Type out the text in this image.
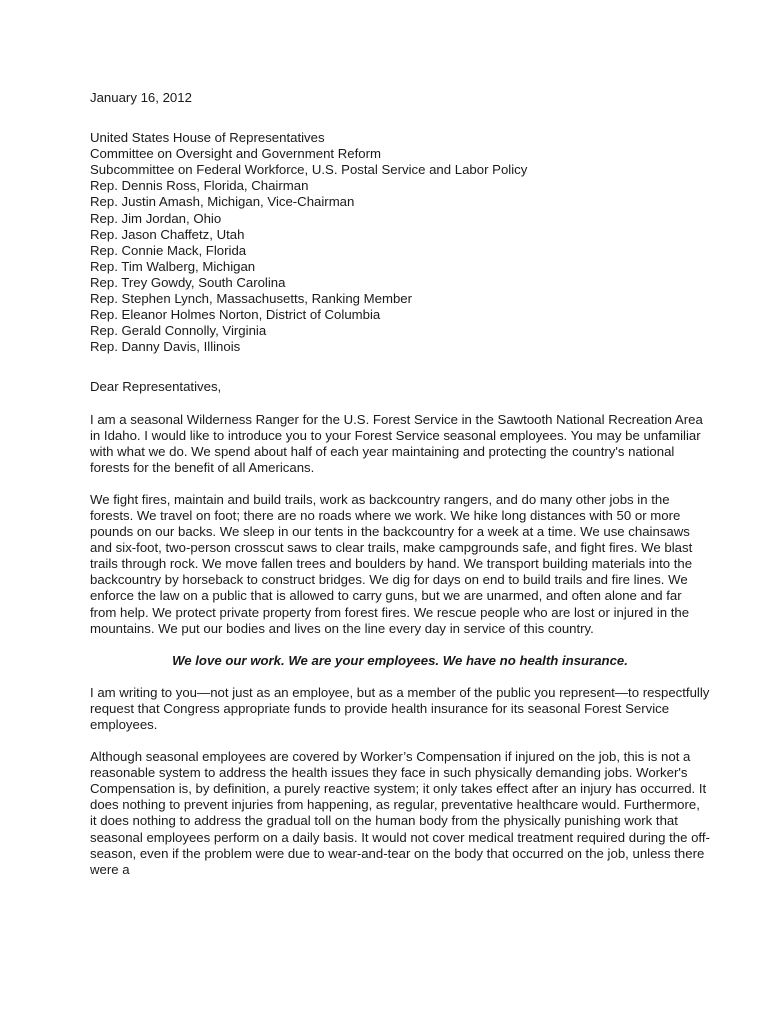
January 16, 2012
United States House of Representatives
Committee on Oversight and Government Reform
Subcommittee on Federal Workforce, U.S. Postal Service and Labor Policy
Rep. Dennis Ross, Florida, Chairman
Rep. Justin Amash, Michigan, Vice-Chairman
Rep. Jim Jordan, Ohio
Rep. Jason Chaffetz, Utah
Rep. Connie Mack, Florida
Rep. Tim Walberg, Michigan
Rep. Trey Gowdy, South Carolina
Rep. Stephen Lynch, Massachusetts, Ranking Member
Rep. Eleanor Holmes Norton, District of Columbia
Rep. Gerald Connolly, Virginia
Rep. Danny Davis, Illinois
Dear Representatives,

I am a seasonal Wilderness Ranger for the U.S. Forest Service in the Sawtooth National Recreation Area in Idaho. I would like to introduce you to your Forest Service seasonal employees. You may be unfamiliar with what we do. We spend about half of each year maintaining and protecting the country's national forests for the benefit of all Americans.

We fight fires, maintain and build trails, work as backcountry rangers, and do many other jobs in the forests. We travel on foot; there are no roads where we work. We hike long distances with 50 or more pounds on our backs. We sleep in our tents in the backcountry for a week at a time. We use chainsaws and six-foot, two-person crosscut saws to clear trails, make campgrounds safe, and fight fires. We blast trails through rock. We move fallen trees and boulders by hand. We transport building materials into the backcountry by horseback to construct bridges. We dig for days on end to build trails and fire lines. We enforce the law on a public that is allowed to carry guns, but we are unarmed, and often alone and far from help. We protect private property from forest fires. We rescue people who are lost or injured in the mountains. We put our bodies and lives on the line every day in service of this country.

We love our work. We are your employees. We have no health insurance.

I am writing to you—not just as an employee, but as a member of the public you represent—to respectfully request that Congress appropriate funds to provide health insurance for its seasonal Forest Service employees.

Although seasonal employees are covered by Worker’s Compensation if injured on the job, this is not a reasonable system to address the health issues they face in such physically demanding jobs. Worker's Compensation is, by definition, a purely reactive system; it only takes effect after an injury has occurred. It does nothing to prevent injuries from happening, as regular, preventative healthcare would. Furthermore, it does nothing to address the gradual toll on the human body from the physically punishing work that seasonal employees perform on a daily basis. It would not cover medical treatment required during the off-season, even if the problem were due to wear-and-tear on the body that occurred on the job, unless there were a
